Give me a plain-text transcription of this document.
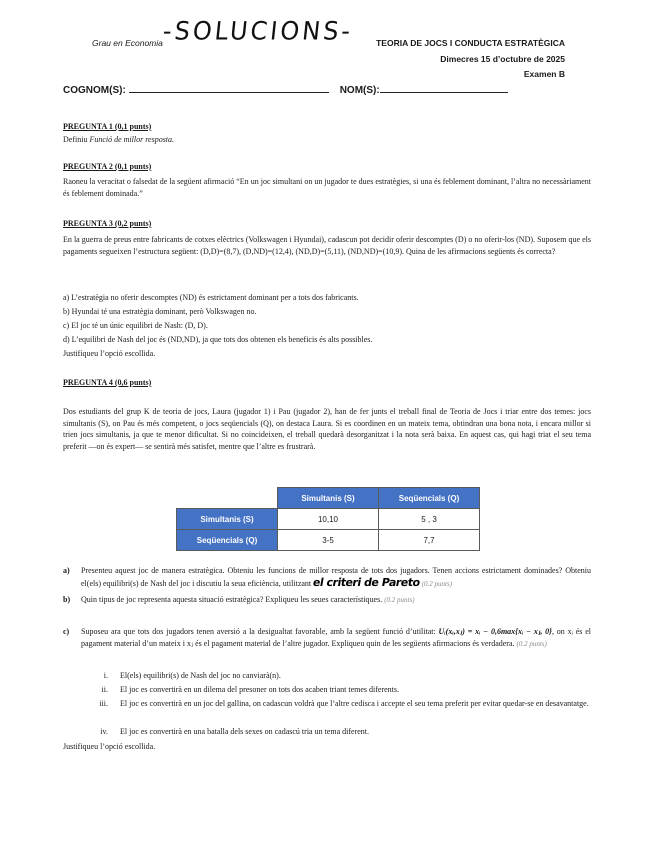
Grau en Economia
-SOLUCIONS-	TEORIA DE JOCS I CONDUCTA ESTRATÈGICA
Dimecres 15 d’octubre de 2025
Examen B
COGNOM(S):	NOM(S):
PREGUNTA 1 (0,1 punts)
Definiu Funció de millor resposta.
PREGUNTA 2 (0,1 punts)
Raoneu la veracitat o falsedat de la següent afirmació “En un joc simultani on un jugador te dues estratègies, si una és feblement dominant, l’altra no necessàriament és feblement dominada.”
PREGUNTA 3 (0,2 punts)
En la guerra de preus entre fabricants de cotxes elèctrics (Volkswagen i Hyundai), cadascun pot decidir oferir descomptes (D) o no oferir-los (ND). Suposem que els pagaments segueixen l’estructura següent: (D,D)=(8,7), (D,ND)=(12,4), (ND,D)=(5,11), (ND,ND)=(10,9). Quina de les afirmacions següents és correcta?
a) L’estratègia no oferir descomptes (ND) és estrictament dominant per a tots dos fabricants.
b) Hyundai té una estratègia dominant, però Volkswagen no.
c) El joc té un únic equilibri de Nash: (D, D).
d) L’equilibri de Nash del joc és (ND,ND), ja que tots dos obtenen els beneficis és alts possibles.
Justifiqueu l’opció escollida.
PREGUNTA 4 (0,6 punts)
Dos estudiants del grup K de teoria de jocs, Laura (jugador 1) i Pau (jugador 2), han de fer junts el treball final de Teoria de Jocs i triar entre dos temes: jocs simultanis (S), on Pau és més competent, o jocs seqüencials (Q), on destaca Laura. Si es coordinen en un mateix tema, obtindran una bona nota, i encara millor si trien jocs simultanis, ja que te menor dificultat. Si no coincideixen, el treball quedarà desorganitzat i la nota serà baixa. En aquest cas, qui hagi triat el seu tema preferit —on és expert— se sentirà més satisfet, mentre que l’altre es frustrarà.
	Simultanis (S)	Seqüencials (Q)
Simultanis (S)	10,10	5 , 3
Seqüencials (Q)	3-5	7,7
a) Presenteu aquest joc de manera estratègica. Obteniu les funcions de millor resposta de tots dos jugadors. Tenen accions estrictament dominades? Obteniu el(els) equilibri(s) de Nash del joc i discutiu la seua eficiència, utilitzant el criteri de Pareto (0.2 punts)
b) Quin tipus de joc representa aquesta situació estratègica? Expliqueu les seues característiques. (0.2 punts)
c) Suposeu ara que tots dos jugadors tenen aversió a la desigualtat favorable, amb la següent funció d’utilitat: Uᵢ(xᵢ,xⱼ) = xᵢ − 0,6max{xᵢ − xⱼ, 0}, on xᵢ és el pagament material d’un mateix i xⱼ és el pagament material de l’altre jugador. Expliqueu quin de les següents afirmacions és verdadera. (0.2 punts)
i. El(els) equilibri(s) de Nash del joc no canviarà(n).
ii. El joc es convertirà en un dilema del presoner on tots dos acaben triant temes diferents.
iii. El joc es convertirà en un joc del gallina, on cadascun voldrà que l’altre cedisca i accepte el seu tema preferit per evitar quedar-se en desavantatge.
iv. El joc es convertirà en una batalla dels sexes on cadascú tria un tema diferent.
Justifiqueu l’opció escollida.
